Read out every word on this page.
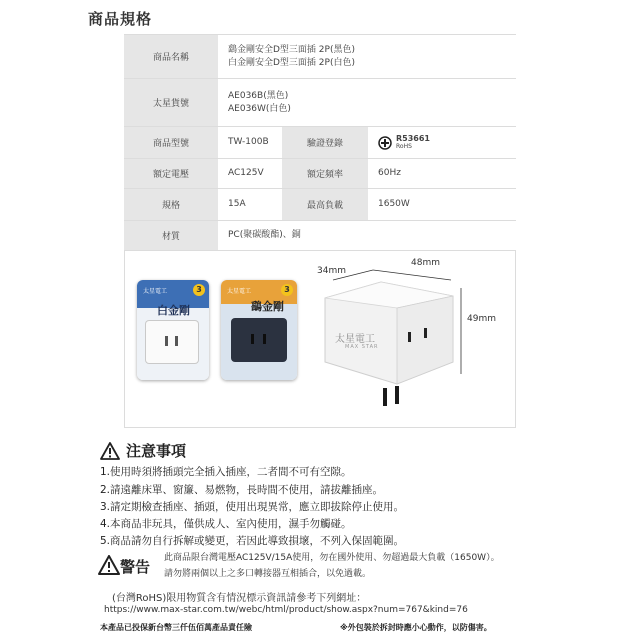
商品規格
商品名稱	鷂金剛安全D型三面插 2P(黑色)
白金剛安全D型三面插 2P(白色)		

太星貨號	AE036B(黑色)
AE036W(白色)		

商品型號	TW-100B	驗證登錄	R53661
RoHS

額定電壓	AC125V	額定頻率	60Hz
規格	15A	最高負載	1650W
材質	PC(聚碳酸酯)、銅		
太星電工	3
白金剛
太星電工	3
鷂金剛
34mm
48mm
49mm
太星電工
MAX STAR
注意事項
1.使用時須將插頭完全插入插座，二者間不可有空隙。
2.請遠離床單、窗簾、易燃物，長時間不使用，請拔離插座。
3.請定期檢查插座、插頭，使用出現異常，應立即拔除停止使用。
4.本商品非玩具，僅供成人、室內使用，濕手勿觸碰。
5.商品請勿自行拆解或變更，若因此導致損壞，不列入保固範圍。
警告 此商品限台灣電壓AC125V/15A使用，勿在國外使用、勿超過最大負載（1650W）。
請勿將兩個以上之多口轉接器互相插合，以免過載。
(台灣RoHS)限用物質含有情況標示資訊請參考下列網址：
https://www.max-star.com.tw/webc/html/product/show.aspx?num=767&kind=76
本產品已投保新台幣三仟伍佰萬產品責任險	※外包裝於拆封時應小心動作，以防傷害。
